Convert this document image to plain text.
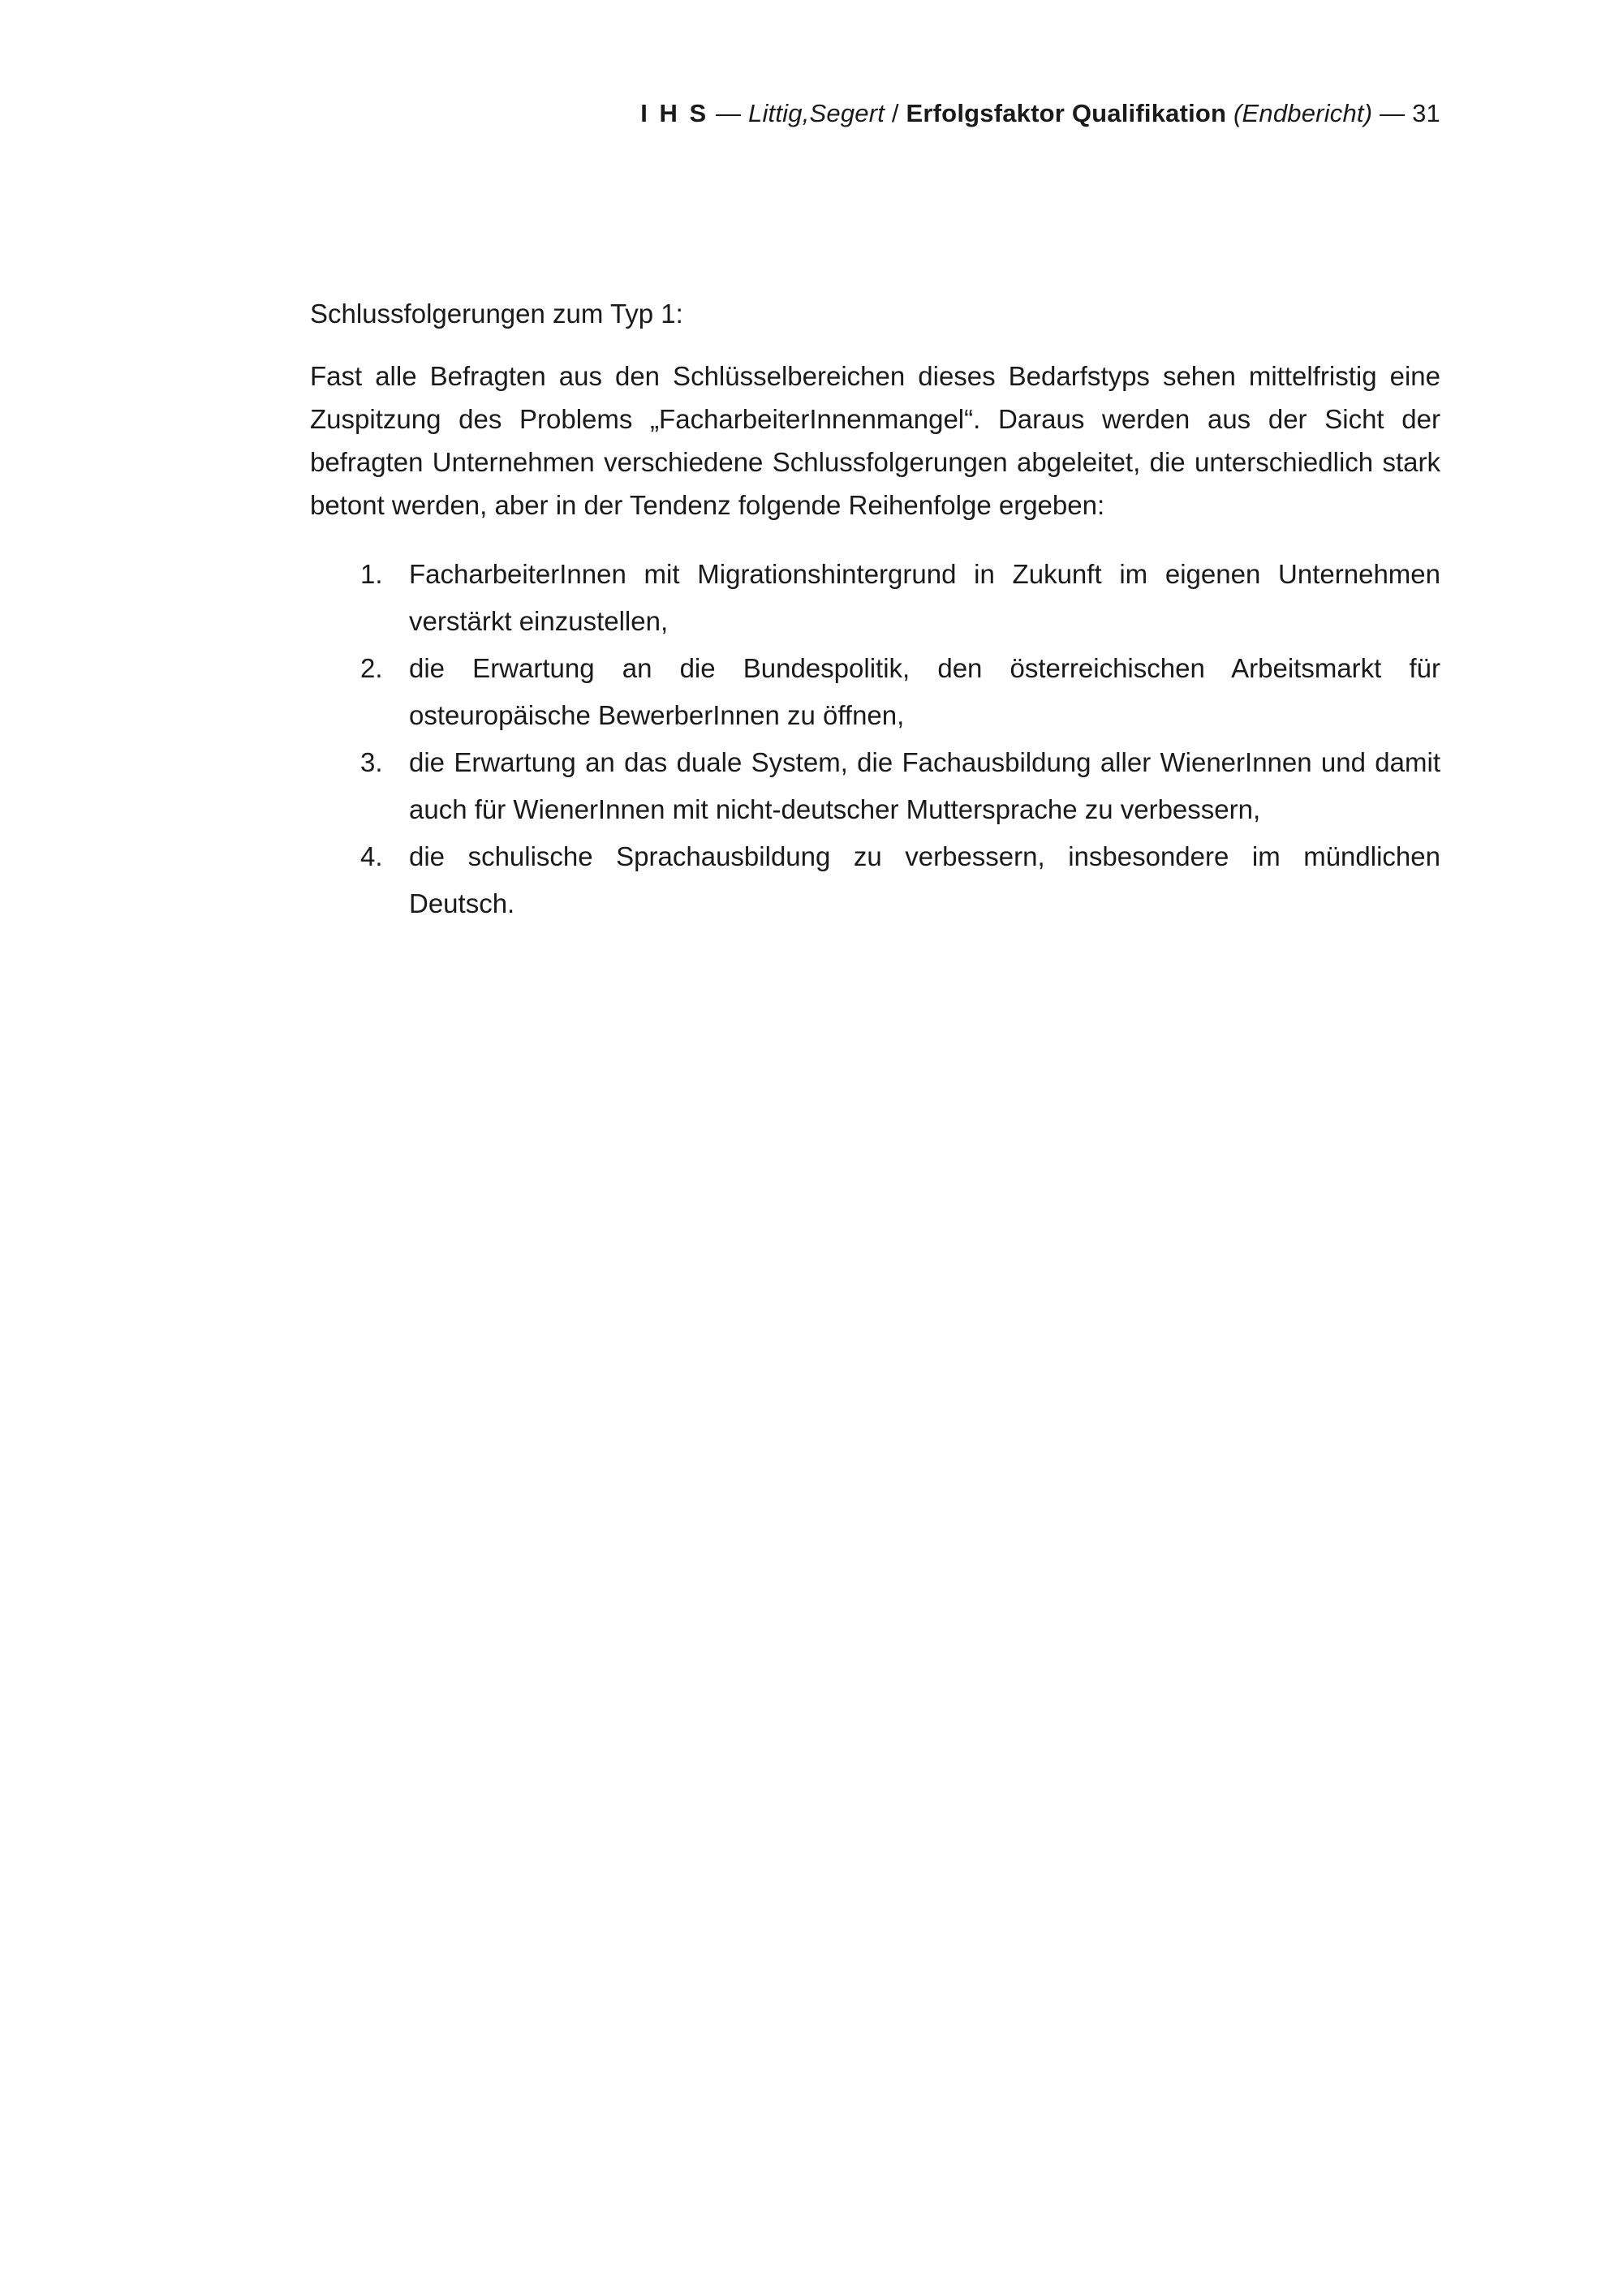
I H S — Littig,Segert / Erfolgsfaktor Qualifikation (Endbericht) — 31

Schlussfolgerungen zum Typ 1:

Fast alle Befragten aus den Schlüsselbereichen dieses Bedarfstyps sehen mittelfristig eine Zuspitzung des Problems „FacharbeiterInnenmangel“. Daraus werden aus der Sicht der befragten Unternehmen verschiedene Schlussfolgerungen abgeleitet, die unterschiedlich stark betont werden, aber in der Tendenz folgende Reihenfolge ergeben:

1. FacharbeiterInnen mit Migrationshintergrund in Zukunft im eigenen Unternehmen verstärkt einzustellen,
2. die Erwartung an die Bundespolitik, den österreichischen Arbeitsmarkt für osteuropäische BewerberInnen zu öffnen,
3. die Erwartung an das duale System, die Fachausbildung aller WienerInnen und damit auch für WienerInnen mit nicht-deutscher Muttersprache zu verbessern,
4. die schulische Sprachausbildung zu verbessern, insbesondere im mündlichen Deutsch.
